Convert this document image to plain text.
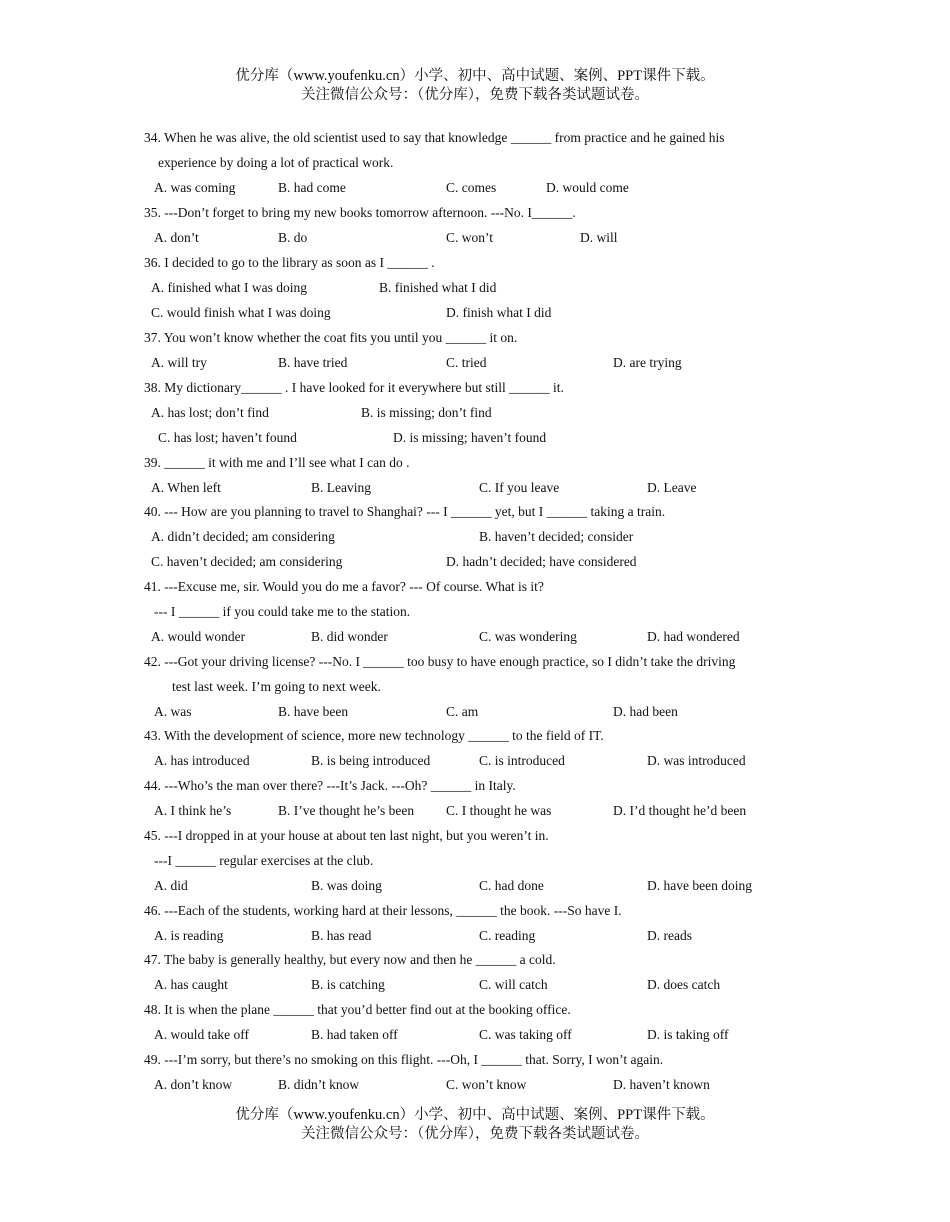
优分库（www.youfenku.cn）小学、初中、高中试题、案例、PPT课件下载。
关注微信公众号：（优分库），免费下载各类试题试卷。
34. When he was alive, the old scientist used to say that knowledge ______ from practice and he gained his
experience by doing a lot of practical work.
A. was coming	B. had come	C. comes	D. would come
35. ---Don’t forget to bring my new books tomorrow afternoon. ---No. I______.
A. don’t	B. do	C. won’t	D. will
36. I decided to go to the library as soon as I ______ .
A. finished what I was doing	B. finished what I did
C. would finish what I was doing	D. finish what I did
37. You won’t know whether the coat fits you until you ______ it on.
A. will try	B. have tried	C. tried	D. are trying
38. My dictionary______ . I have looked for it everywhere but still ______ it.
A. has lost; don’t find	B. is missing; don’t find
C. has lost; haven’t found	D. is missing; haven’t found
39. ______ it with me and I’ll see what I can do .
A. When left	B. Leaving	C. If you leave	D. Leave
40. --- How are you planning to travel to Shanghai? --- I ______ yet, but I ______ taking a train.
A. didn’t decided; am considering	B. haven’t decided; consider
C. haven’t decided; am considering	D. hadn’t decided; have considered
41. ---Excuse me, sir. Would you do me a favor? --- Of course. What is it?
--- I ______ if you could take me to the station.
A. would wonder	B. did wonder	C. was wondering	D. had wondered
42. ---Got your driving license? ---No. I ______ too busy to have enough practice, so I didn’t take the driving
test last week. I’m going to next week.
A. was	B. have been	C. am	D. had been
43. With the development of science, more new technology ______ to the field of IT.
A. has introduced	B. is being introduced	C. is introduced	D. was introduced
44. ---Who’s the man over there? ---It’s Jack. ---Oh? ______ in Italy.
A. I think he’s	B. I’ve thought he’s been C. I thought he was	D. I’d thought he’d been
45. ---I dropped in at your house at about ten last night, but you weren’t in.
---I ______ regular exercises at the club.
A. did	B. was doing	C. had done	D. have been doing
46. ---Each of the students, working hard at their lessons, ______ the book. ---So have I.
A. is reading	B. has read	C. reading	D. reads
47. The baby is generally healthy, but every now and then he ______ a cold.
A. has caught	B. is catching	C. will catch	D. does catch
48. It is when the plane ______ that you’d better find out at the booking office.
A. would take off	B. had taken off	C. was taking off	D. is taking off
49. ---I’m sorry, but there’s no smoking on this flight. ---Oh, I ______ that. Sorry, I won’t again.
A. don’t know	B. didn’t know	C. won’t know	D. haven’t known
优分库（www.youfenku.cn）小学、初中、高中试题、案例、PPT课件下载。
关注微信公众号：（优分库），免费下载各类试题试卷。
